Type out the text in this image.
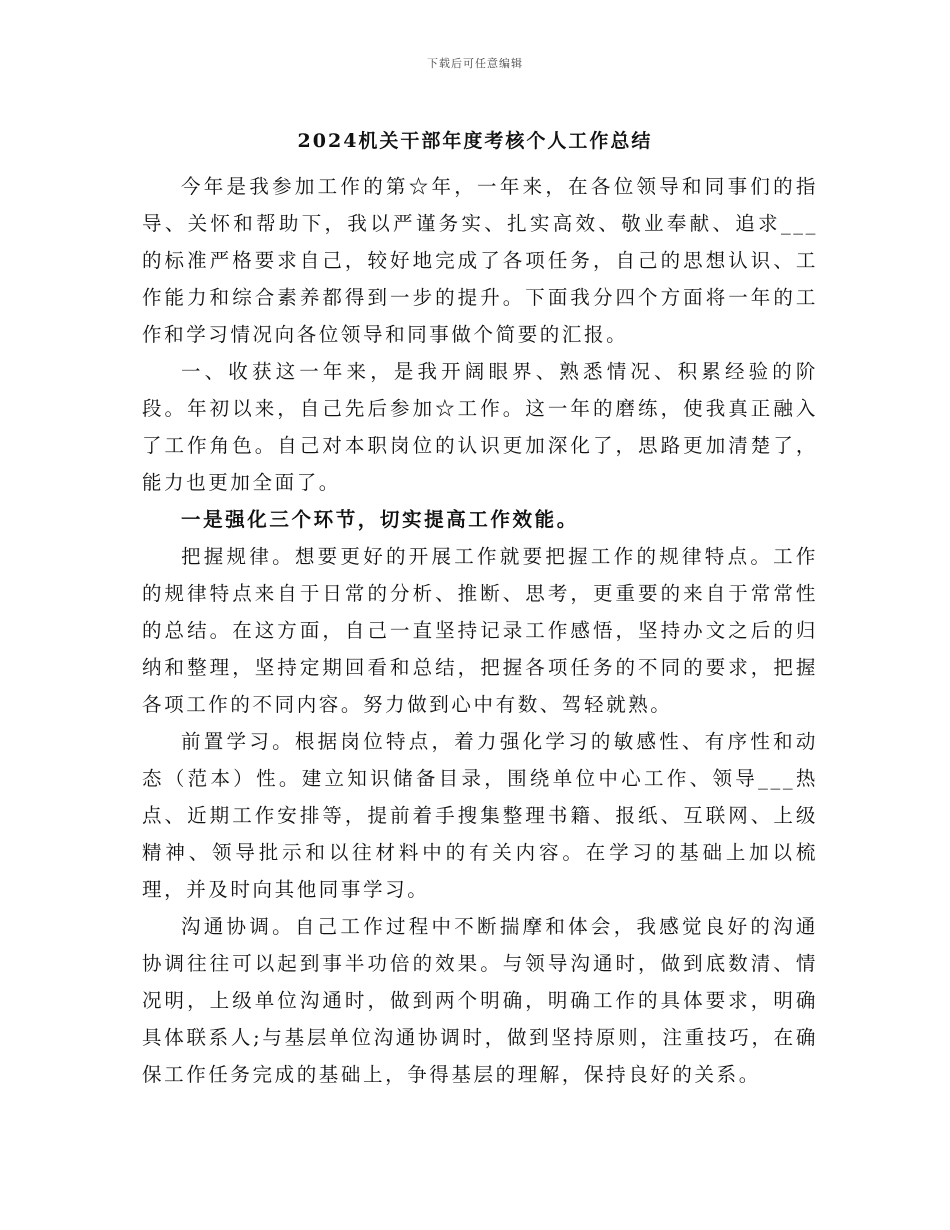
下载后可任意编辑
2024机关干部年度考核个人工作总结

今年是我参加工作的第☆年，一年来，在各位领导和同事们的指导、关怀和帮助下，我以严谨务实、扎实高效、敬业奉献、追求___的标准严格要求自己，较好地完成了各项任务，自己的思想认识、工作能力和综合素养都得到一步的提升。下面我分四个方面将一年的工作和学习情况向各位领导和同事做个简要的汇报。

一、收获这一年来，是我开阔眼界、熟悉情况、积累经验的阶段。年初以来，自己先后参加☆工作。这一年的磨练，使我真正融入了工作角色。自己对本职岗位的认识更加深化了，思路更加清楚了，能力也更加全面了。

一是强化三个环节，切实提高工作效能。

把握规律。想要更好的开展工作就要把握工作的规律特点。工作的规律特点来自于日常的分析、推断、思考，更重要的来自于常常性的总结。在这方面，自己一直坚持记录工作感悟，坚持办文之后的归纳和整理，坚持定期回看和总结，把握各项任务的不同的要求，把握各项工作的不同内容。努力做到心中有数、驾轻就熟。

前置学习。根据岗位特点，着力强化学习的敏感性、有序性和动态（范本）性。建立知识储备目录，围绕单位中心工作、领导___热点、近期工作安排等，提前着手搜集整理书籍、报纸、互联网、上级精神、领导批示和以往材料中的有关内容。在学习的基础上加以梳理，并及时向其他同事学习。

沟通协调。自己工作过程中不断揣摩和体会，我感觉良好的沟通协调往往可以起到事半功倍的效果。与领导沟通时，做到底数清、情况明，上级单位沟通时，做到两个明确，明确工作的具体要求，明确具体联系人;与基层单位沟通协调时，做到坚持原则，注重技巧，在确保工作任务完成的基础上，争得基层的理解，保持良好的关系。
